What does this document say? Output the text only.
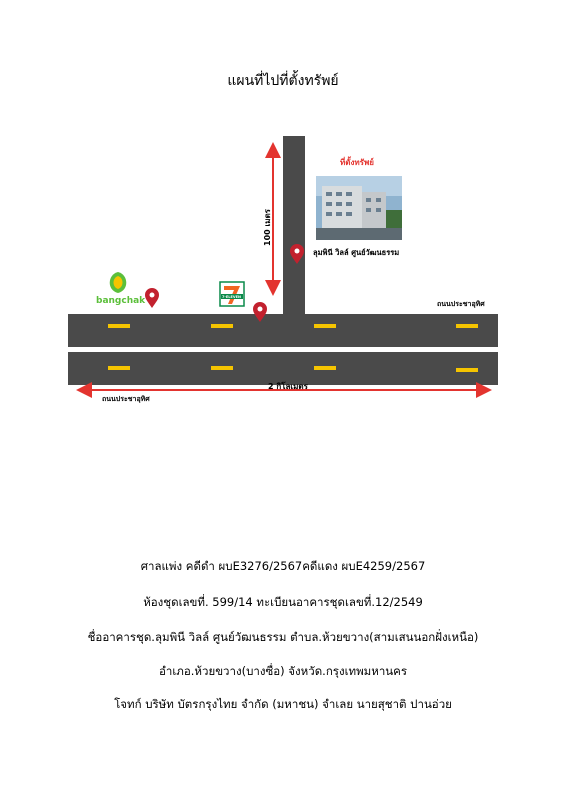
แผนที่ไปที่ตั้งทรัพย์
100 เมตร
2 กิโลเมตร
ถนนประชาอุทิศ
ถนนประชาอุทิศ
ที่ตั้งทรัพย์
ลุมพินี วิลล์ ศูนย์วัฒนธรรม
bangchak	7-ELEVEN
ศาลแพ่ง คดีดำ ผบE3276/2567คดีแดง ผบE4259/2567
ห้องชุดเลขที่. 599/14 ทะเบียนอาคารชุดเลขที่.12/2549
ชื่ออาคารชุด.ลุมพินี วิลล์ ศูนย์วัฒนธรรม ตำบล.ห้วยขวาง(สามเสนนอกฝั่งเหนือ)
อำเภอ.ห้วยขวาง(บางซื่อ) จังหวัด.กรุงเทพมหานคร
โจทก์ บริษัท บัตรกรุงไทย จำกัด (มหาชน) จำเลย นายสุชาติ ปานอ่วย
